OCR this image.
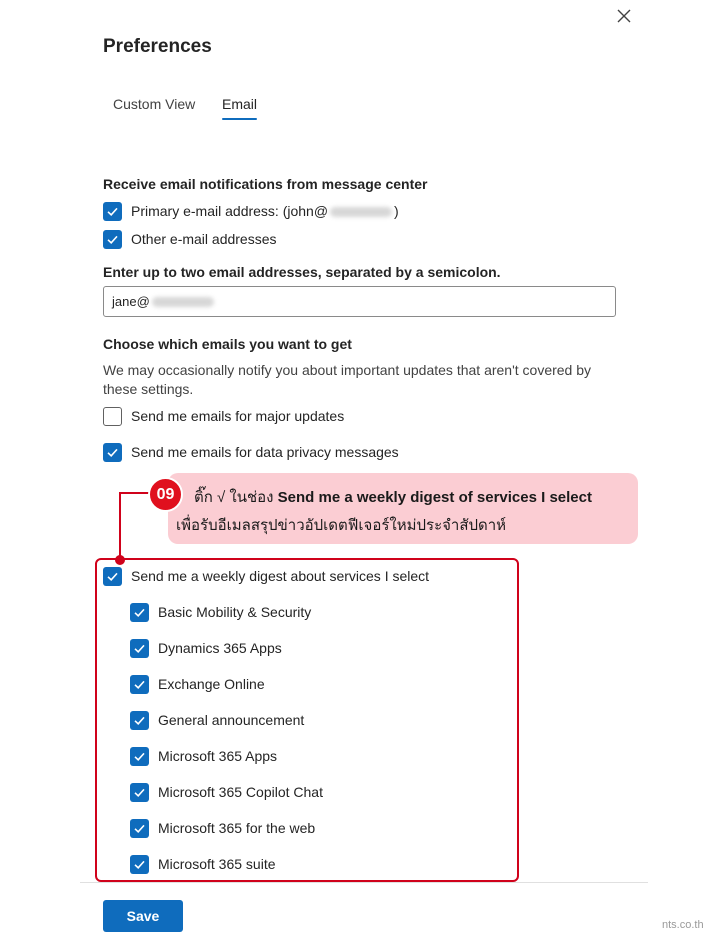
Preferences
Custom View Email
Receive email notifications from message center
Primary e-mail address: (john@	)
Other e-mail addresses
Enter up to two email addresses, separated by a semicolon.
jane@
Choose which emails you want to get
We may occasionally notify you about important updates that aren't covered by these settings.
Send me emails for major updates
Send me emails for data privacy messages
ติ๊ก √ ในช่อง Send me a weekly digest of services I select
เพื่อรับอีเมลสรุปข่าวอัปเดตฟีเจอร์ใหม่ประจำสัปดาห์
09
Send me a weekly digest about services I select
Basic Mobility & Security
Dynamics 365 Apps
Exchange Online
General announcement
Microsoft 365 Apps
Microsoft 365 Copilot Chat
Microsoft 365 for the web
Microsoft 365 suite
Save
nts.co.th
